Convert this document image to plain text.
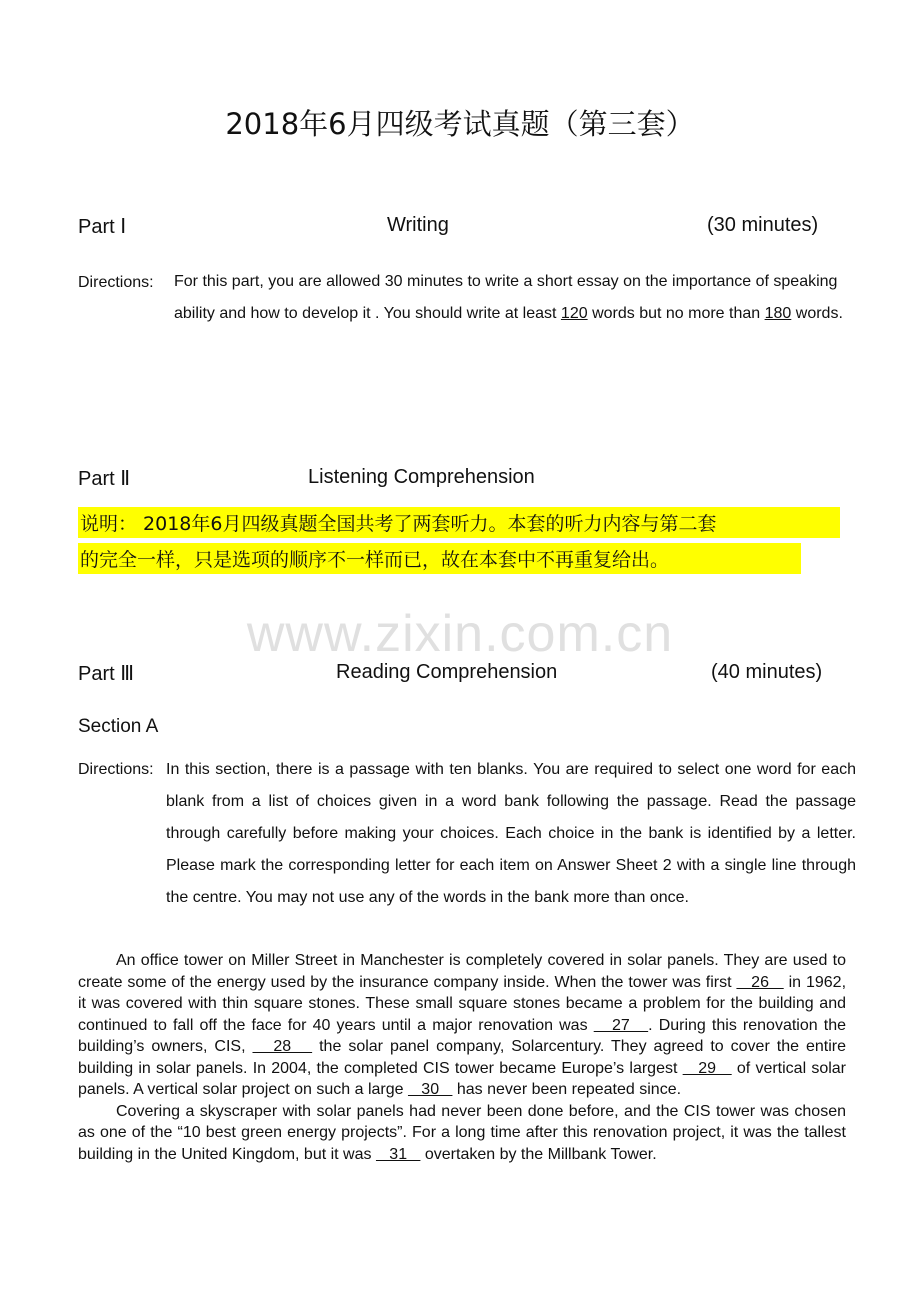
2018年6月四级考试真题（第三套）
Part Ⅰ	Writing	(30 minutes)
Directions: For this part, you are allowed 30 minutes to write a short essay on the importance of speaking ability and how to develop it . You should write at least 120 words but no more than 180 words.
Part Ⅱ	Listening Comprehension
说明： 2018年6月四级真题全国共考了两套听力。本套的听力内容与第二套
的完全一样，只是选项的顺序不一样而已，故在本套中不再重复给出。
www.zixin.com.cn
Part Ⅲ	Reading Comprehension	(40 minutes)
Section A
Directions: In this section, there is a passage with ten blanks. You are required to select one word for each blank from a list of choices given in a word bank following the passage. Read the passage through carefully before making your choices. Each choice in the bank is identified by a letter. Please mark the corresponding letter for each item on Answer Sheet 2 with a single line through the centre. You may not use any of the words in the bank more than once.

An office tower on Miller Street in Manchester is completely covered in solar panels. They are used to create some of the energy used by the insurance company inside. When the tower was first    26    in 1962, it was covered with thin square stones. These small square stones became a problem for the building and continued to fall off the face for 40 years until a major renovation was    27   . During this renovation the building’s owners, CIS,    28    the solar panel company, Solarcentury. They agreed to cover the entire building in solar panels. In 2004, the completed CIS tower became Europe’s largest    29    of vertical solar panels. A vertical solar project on such a large    30    has never been repeated since.

Covering a skyscraper with solar panels had never been done before, and the CIS tower was chosen as one of the “10 best green energy projects”. For a long time after this renovation project, it was the tallest building in the United Kingdom, but it was    31    overtaken by the Millbank Tower.
